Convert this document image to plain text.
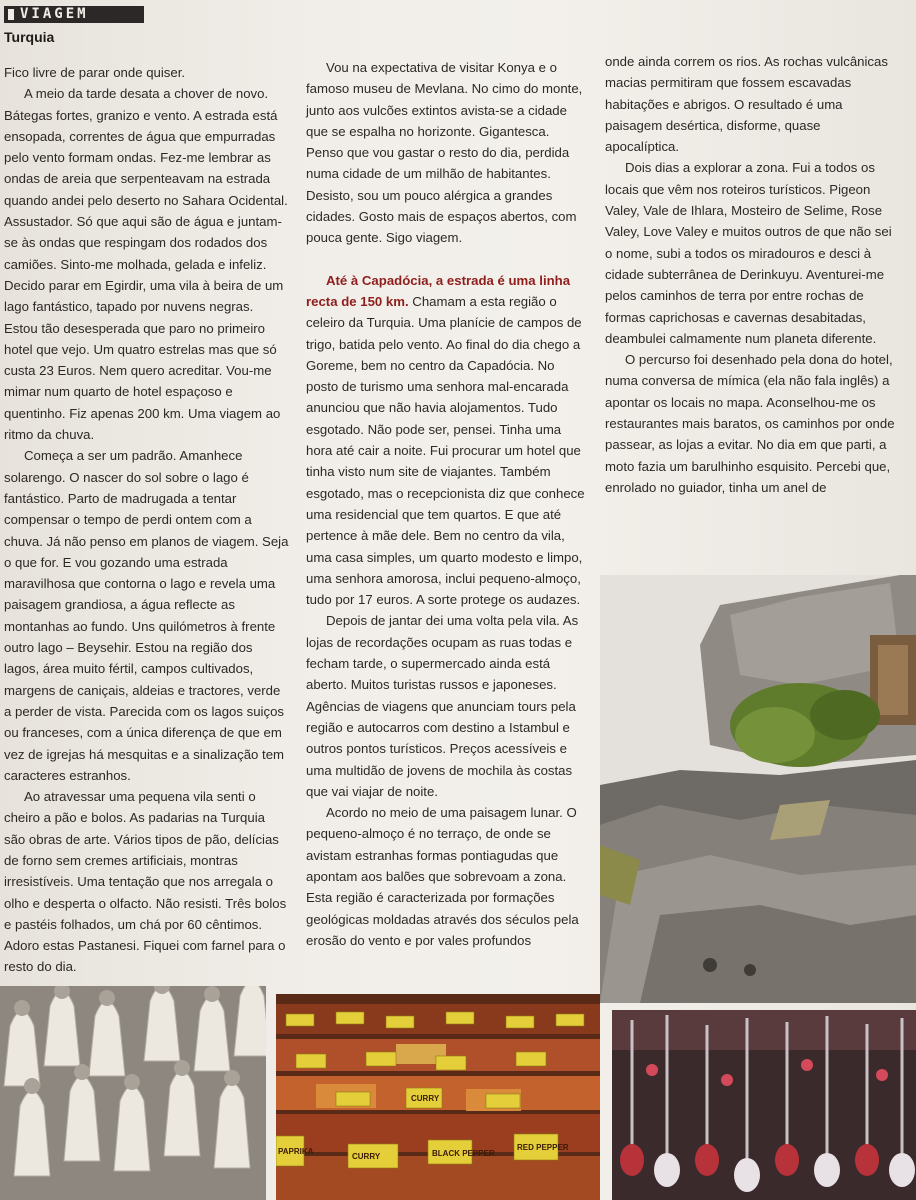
VIAGEM
Turquia

Fico livre de parar onde quiser.

A meio da tarde desata a chover de novo. Bátegas fortes, granizo e vento. A estrada está ensopada, correntes de água que empurradas pelo vento formam ondas. Fez-me lembrar as ondas de areia que serpenteavam na estrada quando andei pelo deserto no Sahara Ocidental. Assustador. Só que aqui são de água e juntam-se às ondas que respingam dos rodados dos camiões. Sinto-me molhada, gelada e infeliz. Decido parar em Egirdir, uma vila à beira de um lago fantástico, tapado por nuvens negras. Estou tão desesperada que paro no primeiro hotel que vejo. Um quatro estrelas mas que só custa 23 Euros. Nem quero acreditar. Vou-me mimar num quarto de hotel espaçoso e quentinho. Fiz apenas 200 km. Uma viagem ao ritmo da chuva.

Começa a ser um padrão. Amanhece solarengo. O nascer do sol sobre o lago é fantástico. Parto de madrugada a tentar compensar o tempo de perdi ontem com a chuva. Já não penso em planos de viagem. Seja o que for. E vou gozando uma estrada maravilhosa que contorna o lago e revela uma paisagem grandiosa, a água reflecte as montanhas ao fundo. Uns quilómetros à frente outro lago – Beysehir. Estou na região dos lagos, área muito fértil, campos cultivados, margens de caniçais, aldeias e tractores, verde a perder de vista. Parecida com os lagos suiços ou franceses, com a única diferença de que em vez de igrejas há mesquitas e a sinalização tem caracteres estranhos.

Ao atravessar uma pequena vila senti o cheiro a pão e bolos. As padarias na Turquia são obras de arte. Vários tipos de pão, delícias de forno sem cremes artificiais, montras irresistíveis. Uma tentação que nos arregala o olho e desperta o olfacto. Não resisti. Três bolos e pastéis folhados, um chá por 60 cêntimos. Adoro estas Pastanesi. Fiquei com farnel para o resto do dia.

Vou na expectativa de visitar Konya e o famoso museu de Mevlana. No cimo do monte, junto aos vulcões extintos avista-se a cidade que se espalha no horizonte. Gigantesca. Penso que vou gastar o resto do dia, perdida numa cidade de um milhão de habitantes. Desisto, sou um pouco alérgica a grandes cidades. Gosto mais de espaços abertos, com pouca gente. Sigo viagem.

Até à Capadócia, a estrada é uma linha recta de 150 km. Chamam a esta região o celeiro da Turquia. Uma planície de campos de trigo, batida pelo vento. Ao final do dia chego a Goreme, bem no centro da Capadócia. No posto de turismo uma senhora mal-encarada anunciou que não havia alojamentos. Tudo esgotado. Não pode ser, pensei. Tinha uma hora até cair a noite. Fui procurar um hotel que tinha visto num site de viajantes. Também esgotado, mas o recepcionista diz que conhece uma residencial que tem quartos. E que até pertence à mãe dele. Bem no centro da vila, uma casa simples, um quarto modesto e limpo, uma senhora amorosa, inclui pequeno-almoço, tudo por 17 euros. A sorte protege os audazes.

Depois de jantar dei uma volta pela vila. As lojas de recordações ocupam as ruas todas e fecham tarde, o supermercado ainda está aberto. Muitos turistas russos e japoneses. Agências de viagens que anunciam tours pela região e autocarros com destino a Istambul e outros pontos turísticos. Preços acessíveis e uma multidão de jovens de mochila às costas que vai viajar de noite.

Acordo no meio de uma paisagem lunar. O pequeno-almoço é no terraço, de onde se avistam estranhas formas pontiagudas que apontam aos balões que sobrevoam a zona. Esta região é caracterizada por formações geológicas moldadas através dos séculos pela erosão do vento e por vales profundos

onde ainda correm os rios. As rochas vulcânicas macias permitiram que fossem escavadas habitações e abrigos. O resultado é uma paisagem desértica, disforme, quase apocalíptica.

Dois dias a explorar a zona. Fui a todos os locais que vêm nos roteiros turísticos. Pigeon Valey, Vale de Ihlara, Mosteiro de Selime, Rose Valey, Love Valey e muitos outros de que não sei o nome, subi a todos os miradouros e desci à cidade subterrânea de Derinkuyu. Aventurei-me pelos caminhos de terra por entre rochas de formas caprichosas e cavernas desabitadas, deambulei calmamente num planeta diferente.

O percurso foi desenhado pela dona do hotel, numa conversa de mímica (ela não fala inglês) a apontar os locais no mapa. Aconselhou-me os restaurantes mais baratos, os caminhos por onde passear, as lojas a evitar. No dia em que parti, a moto fazia um barulhinho esquisito. Percebi que, enrolado no guiador, tinha um anel de

CURRY
BLACK PEPPER
RED PEPPER
CURRY
PAPRIKA
